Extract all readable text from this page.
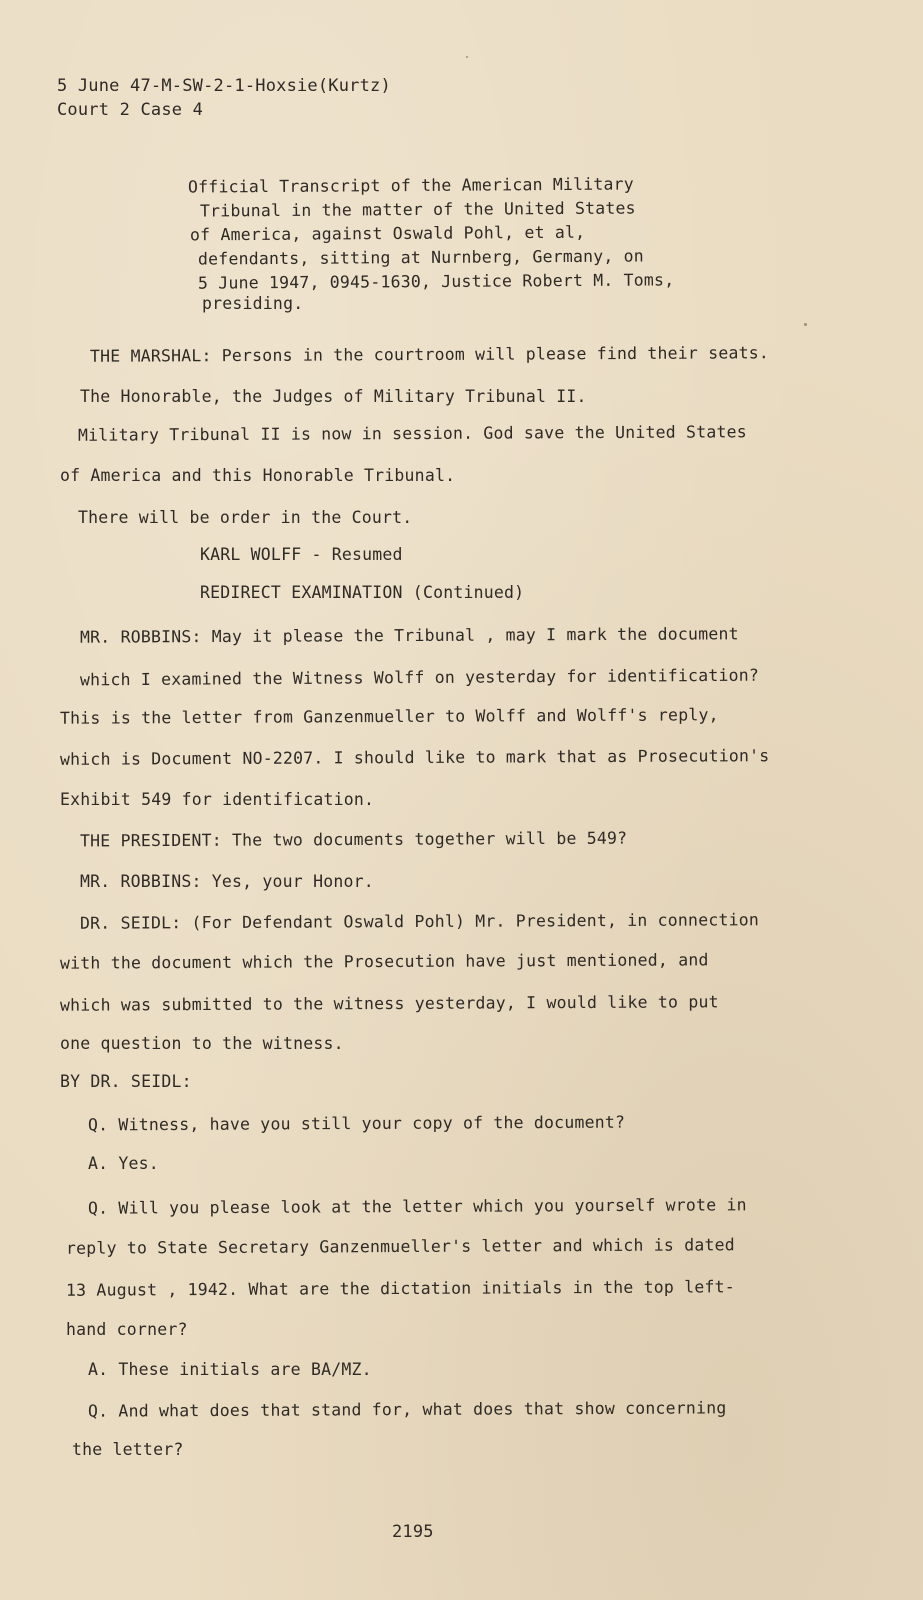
5 June 47-M-SW-2-1-Hoxsie(Kurtz)
Court 2 Case 4
Official Transcript of the American Military
Tribunal in the matter of the United States
of America, against Oswald Pohl, et al,
defendants, sitting at Nurnberg, Germany, on
5 June 1947, 0945-1630, Justice Robert M. Toms,
presiding.
THE MARSHAL: Persons in the courtroom will please find their seats.
The Honorable, the Judges of Military Tribunal II.
Military Tribunal II is now in session. God save the United States
of America and this Honorable Tribunal.
There will be order in the Court.
KARL WOLFF - Resumed
REDIRECT EXAMINATION (Continued)
MR. ROBBINS: May it please the Tribunal , may I mark the document
which I examined the Witness Wolff on yesterday for identification?
This is the letter from Ganzenmueller to Wolff and Wolff's reply,
which is Document NO-2207. I should like to mark that as Prosecution's
Exhibit 549 for identification.
THE PRESIDENT: The two documents together will be 549?
MR. ROBBINS: Yes, your Honor.
DR. SEIDL: (For Defendant Oswald Pohl) Mr. President, in connection
with the document which the Prosecution have just mentioned, and
which was submitted to the witness yesterday, I would like to put
one question to the witness.
BY DR. SEIDL:
Q. Witness, have you still your copy of the document?
A. Yes.
Q. Will you please look at the letter which you yourself wrote in
reply to State Secretary Ganzenmueller's letter and which is dated
13 August , 1942. What are the dictation initials in the top left-
hand corner?
A. These initials are BA/MZ.
Q. And what does that stand for, what does that show concerning
the letter?
2195
